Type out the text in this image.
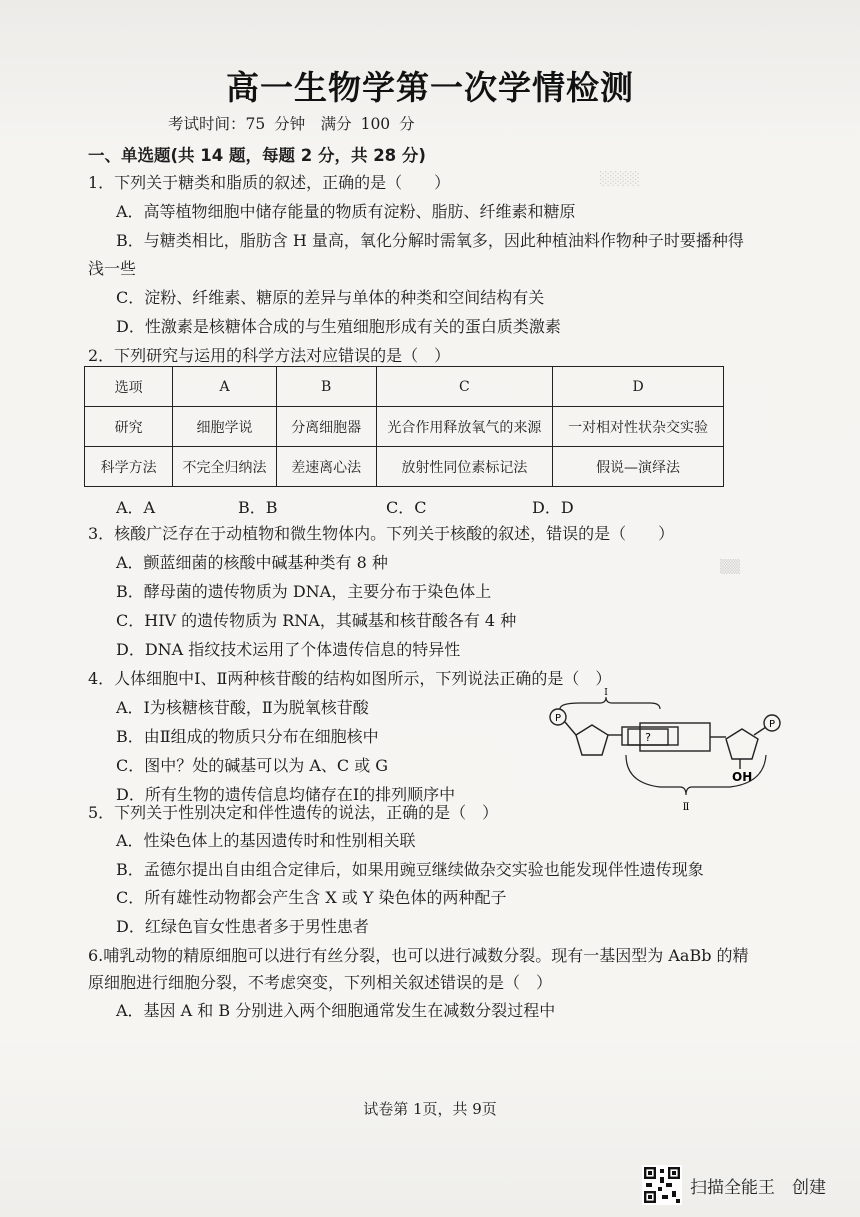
░░░░
▒▒
高一生物学第一次学情检测
考试时间：75 分钟　满分 100 分
一、单选题(共 14 题，每题 2 分，共 28 分)
1．下列关于糖类和脂质的叙述，正确的是（　　）
A．高等植物细胞中储存能量的物质有淀粉、脂肪、纤维素和糖原
B．与糖类相比，脂肪含 H 量高，氧化分解时需氧多，因此种植油料作物种子时要播种得
浅一些
C．淀粉、纤维素、糖原的差异与单体的种类和空间结构有关
D．性激素是核糖体合成的与生殖细胞形成有关的蛋白质类激素
2．下列研究与运用的科学方法对应错误的是（　）
选项	A	B	C	D
研究	细胞学说	分离细胞器	光合作用释放氧气的来源	一对相对性状杂交实验
科学方法	不完全归纳法	差速离心法	放射性同位素标记法	假说—演绎法
A．A	B．B	C．C	D．D
3．核酸广泛存在于动植物和微生物体内。下列关于核酸的叙述，错误的是（　　）
A．颤蓝细菌的核酸中碱基种类有 8 种
B．酵母菌的遗传物质为 DNA，主要分布于染色体上
C．HIV 的遗传物质为 RNA，其碱基和核苷酸各有 4 种
D．DNA 指纹技术运用了个体遗传信息的特异性
4．人体细胞中Ⅰ、Ⅱ两种核苷酸的结构如图所示，下列说法正确的是（　）
A．Ⅰ为核糖核苷酸，Ⅱ为脱氧核苷酸
B．由Ⅱ组成的物质只分布在细胞核中
C．图中？处的碱基可以为 A、C 或 G
D．所有生物的遗传信息均储存在Ⅰ的排列顺序中
P
?
Ⅰ
P
OH
Ⅱ
5．下列关于性别决定和伴性遗传的说法，正确的是（　）
A．性染色体上的基因遗传时和性别相关联
B．孟德尔提出自由组合定律后，如果用豌豆继续做杂交实验也能发现伴性遗传现象
C．所有雄性动物都会产生含 X 或 Y 染色体的两种配子
D．红绿色盲女性患者多于男性患者
6.哺乳动物的精原细胞可以进行有丝分裂，也可以进行减数分裂。现有一基因型为 AaBb 的精
原细胞进行细胞分裂，不考虑突变，下列相关叙述错误的是（　）
A．基因 A 和 B 分别进入两个细胞通常发生在减数分裂过程中
试卷第 1页，共 9页
扫描全能王　创建
